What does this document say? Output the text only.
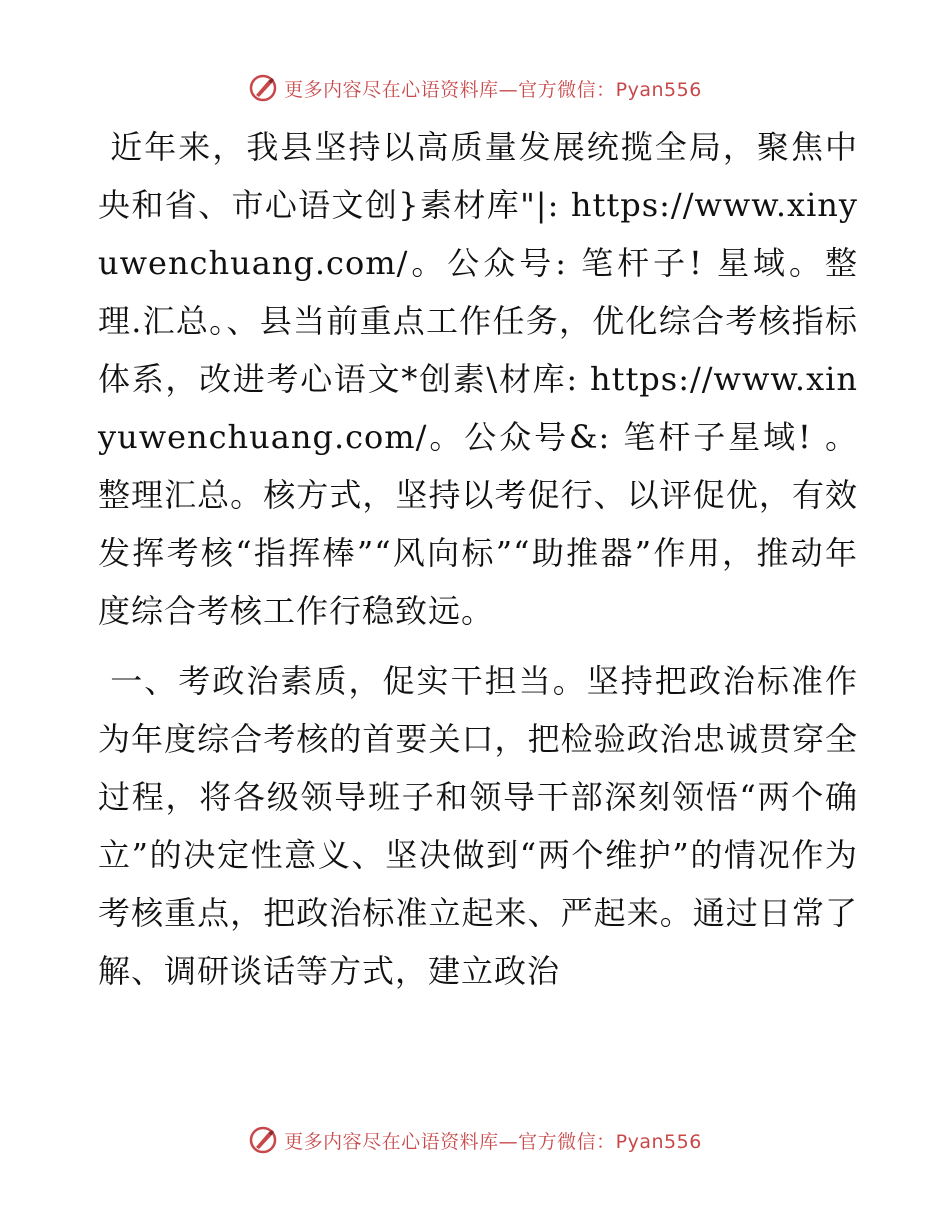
更多内容尽在心语资料库—官方微信：Pyan556

近年来，我县坚持以高质量发展统揽全局，聚焦中央和省、市心语文创}素材库"|: https://www.xinyuwenchuang.com/。公众号: 笔杆子! 星域。整理.汇总。、县当前重点工作任务，优化综合考核指标体系，改进考心语文*创素\材库: https://www.xinyuwenchuang.com/。公众号&: 笔杆子星域! 。整理汇总。核方式，坚持以考促行、以评促优，有效发挥考核“指挥棒”“风向标”“助推器”作用，推动年度综合考核工作行稳致远。

一、考政治素质，促实干担当。坚持把政治标准作为年度综合考核的首要关口，把检验政治忠诚贯穿全过程，将各级领导班子和领导干部深刻领悟“两个确立”的决定性意义、坚决做到“两个维护”的情况作为考核重点，把政治标准立起来、严起来。通过日常了解、调研谈话等方式，建立政治

更多内容尽在心语资料库—官方微信：Pyan556
